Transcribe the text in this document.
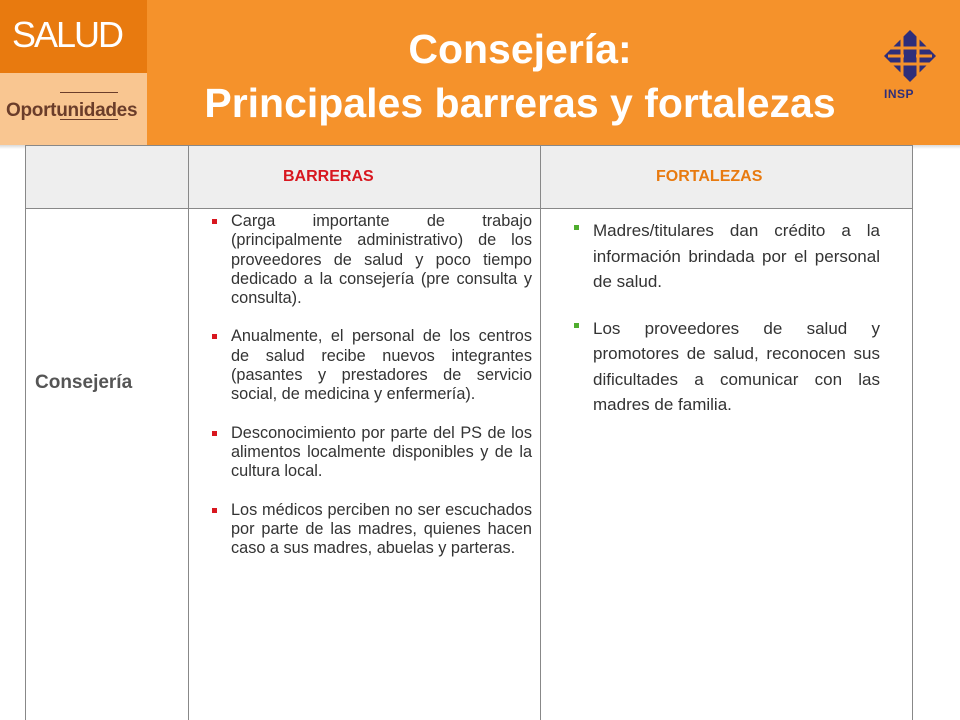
SALUD
Oportunidades
Consejería:
Principales barreras y fortalezas	INSP
BARRERAS	FORTALEZAS
Consejería
Carga importante de trabajo (principalmente administrativo) de los proveedores de salud y poco tiempo dedicado a la consejería (pre consulta y consulta).
Anualmente, el personal de los centros de salud recibe nuevos integrantes (pasantes y prestadores de servicio social, de medicina y enfermería).
Desconocimiento por parte del PS de los alimentos localmente disponibles y de la cultura local.
Los médicos perciben no ser escuchados por parte de las madres, quienes hacen caso a sus madres, abuelas y parteras.
Madres/titulares dan crédito a la información brindada por el personal de salud.
Los proveedores de salud y promotores de salud, reconocen sus dificultades a comunicar con las madres de familia.
